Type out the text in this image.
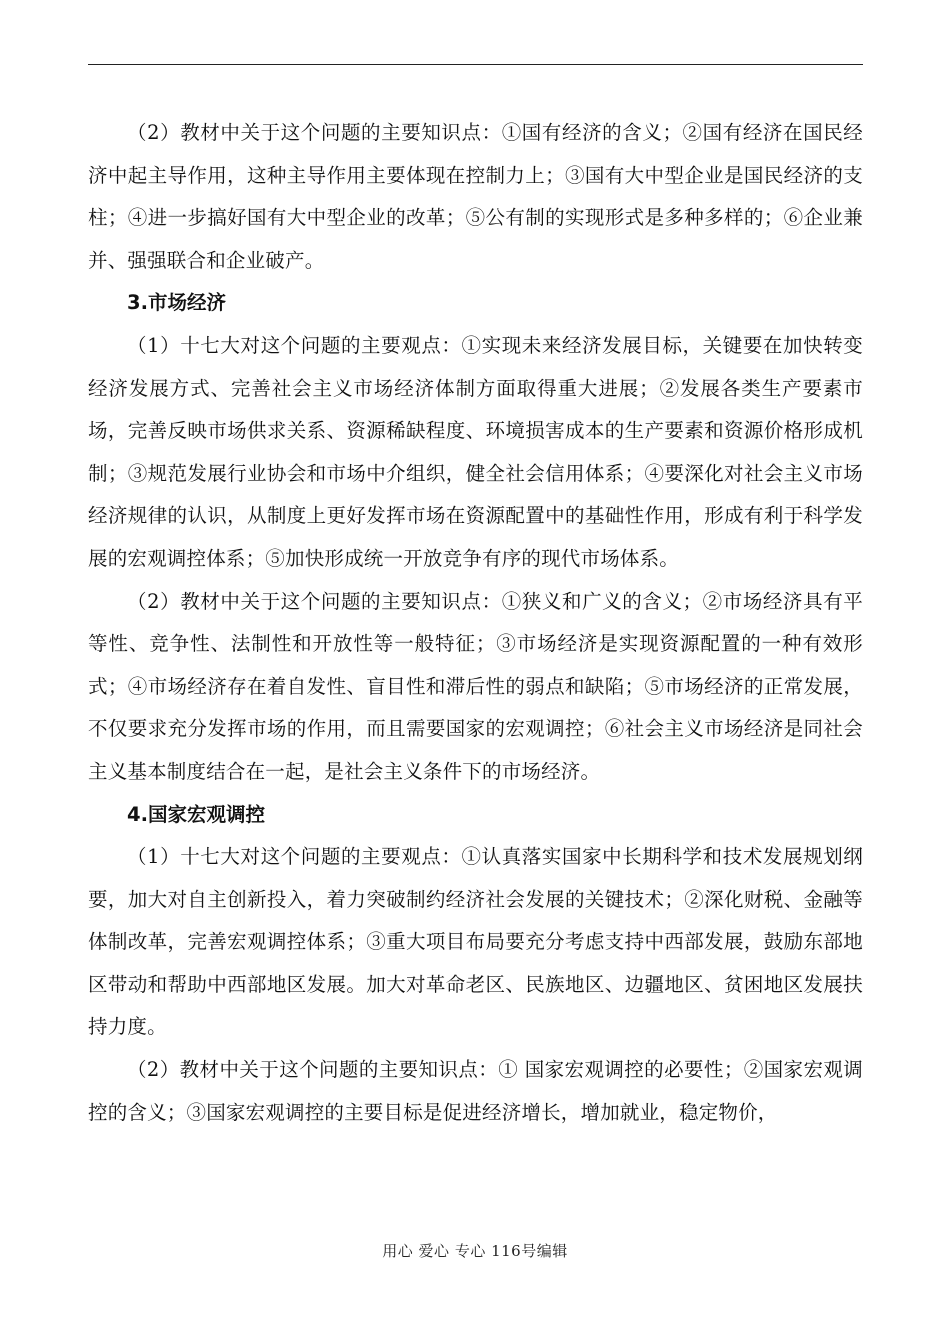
（2）教材中关于这个问题的主要知识点：①国有经济的含义；②国有经济在国民经济中起主导作用，这种主导作用主要体现在控制力上；③国有大中型企业是国民经济的支柱；④进一步搞好国有大中型企业的改革；⑤公有制的实现形式是多种多样的；⑥企业兼并、强强联合和企业破产。

3.市场经济

（1）十七大对这个问题的主要观点：①实现未来经济发展目标，关键要在加快转变经济发展方式、完善社会主义市场经济体制方面取得重大进展；②发展各类生产要素市场，完善反映市场供求关系、资源稀缺程度、环境损害成本的生产要素和资源价格形成机制；③规范发展行业协会和市场中介组织，健全社会信用体系；④要深化对社会主义市场经济规律的认识，从制度上更好发挥市场在资源配置中的基础性作用，形成有利于科学发展的宏观调控体系；⑤加快形成统一开放竞争有序的现代市场体系。

（2）教材中关于这个问题的主要知识点：①狭义和广义的含义；②市场经济具有平等性、竞争性、法制性和开放性等一般特征；③市场经济是实现资源配置的一种有效形式；④市场经济存在着自发性、盲目性和滞后性的弱点和缺陷；⑤市场经济的正常发展，不仅要求充分发挥市场的作用，而且需要国家的宏观调控；⑥社会主义市场经济是同社会主义基本制度结合在一起，是社会主义条件下的市场经济。

4.国家宏观调控

（1）十七大对这个问题的主要观点：①认真落实国家中长期科学和技术发展规划纲要，加大对自主创新投入，着力突破制约经济社会发展的关键技术；②深化财税、金融等体制改革，完善宏观调控体系；③重大项目布局要充分考虑支持中西部发展，鼓励东部地区带动和帮助中西部地区发展。加大对革命老区、民族地区、边疆地区、贫困地区发展扶持力度。

（2）教材中关于这个问题的主要知识点：① 国家宏观调控的必要性；②国家宏观调控的含义；③国家宏观调控的主要目标是促进经济增长，增加就业，稳定物价，

用心 爱心 专心 116号编辑
